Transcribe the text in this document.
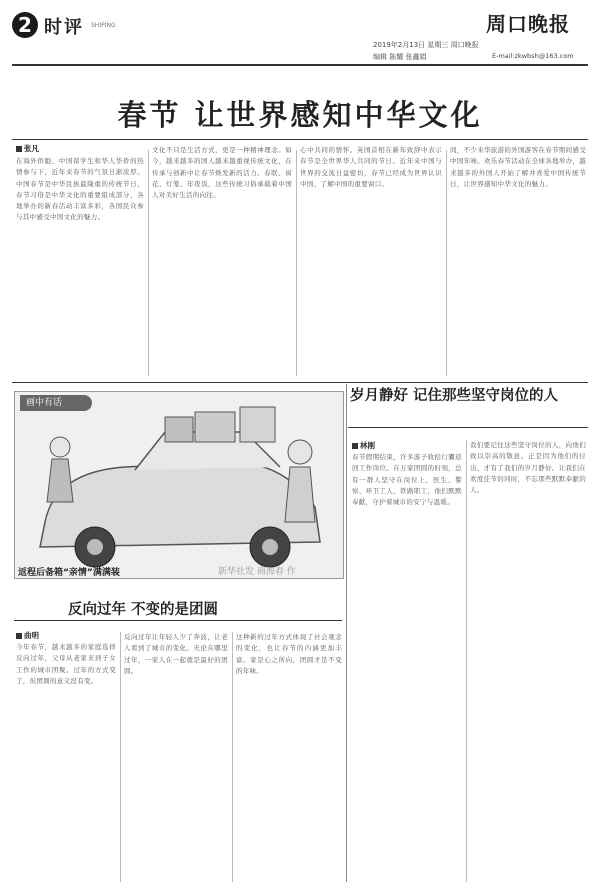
2 时评 SHIPING	周口晚报
2019年2月13日 星期三 周口晚报
编辑 陈耀 张鑫娟	E-mail:zkwbsh@163.com
春节 让世界感知中华文化
张凡
在海外侨胞、中国留学生和华人华侨的热情参与下，近年来春节的气氛日渐浓厚。中国春节是中华民族最隆重的传统节日，春节习俗是中华文化的重要组成部分，各地举办的新春活动丰富多彩，各国民众参与其中感受中国文化的魅力。
文化不只是生活方式，更是一种精神理念。如今，越来越多的国人越来越重视传统文化，在传承与创新中让春节焕发新的活力。春联、窗花、灯笼、年夜饭，这些传统习俗承载着中国人对美好生活的向往。
心中共同的情怀。英国首相在新年致辞中表示春节是全世界华人共同的节日。近年来中国与世界的交流日益密切，春节已经成为世界认识中国、了解中国的重要窗口。
间，不少来华旅游的外国游客在春节期间感受中国年味。欢乐春节活动在全球各地举办，越来越多的外国人开始了解并喜爱中国传统节日，让世界感知中华文化的魅力。
画中有话
返程后备箱“亲情”满满装	新华社发 商海春 作
岁月静好 记住那些坚守岗位的人
林刚
春节假期结束，许多游子收拾行囊返回工作岗位。在万家团圆的时刻，总有一群人坚守在岗位上，医生、警察、环卫工人、铁路职工，他们默默奉献，守护着城市的安宁与温暖。
我们要记住这些坚守岗位的人，向他们致以崇高的敬意。正是因为他们的付出，才有了我们的岁月静好。让我们在欢度佳节的同时，不忘那些默默奉献的人。
反向过年 不变的是团圆
曲明
今年春节，越来越多的家庭选择反向过年，父母从老家来到子女工作的城市团聚。过年的方式变了，但团圆的意义没有变。
反向过年让年轻人少了奔波，让老人看到了城市的变化。无论在哪里过年，一家人在一起就是最好的团圆。
这种新的过年方式体现了社会观念的变化，也让春节的内涵更加丰富。家是心之所向，团圆才是不变的年味。
